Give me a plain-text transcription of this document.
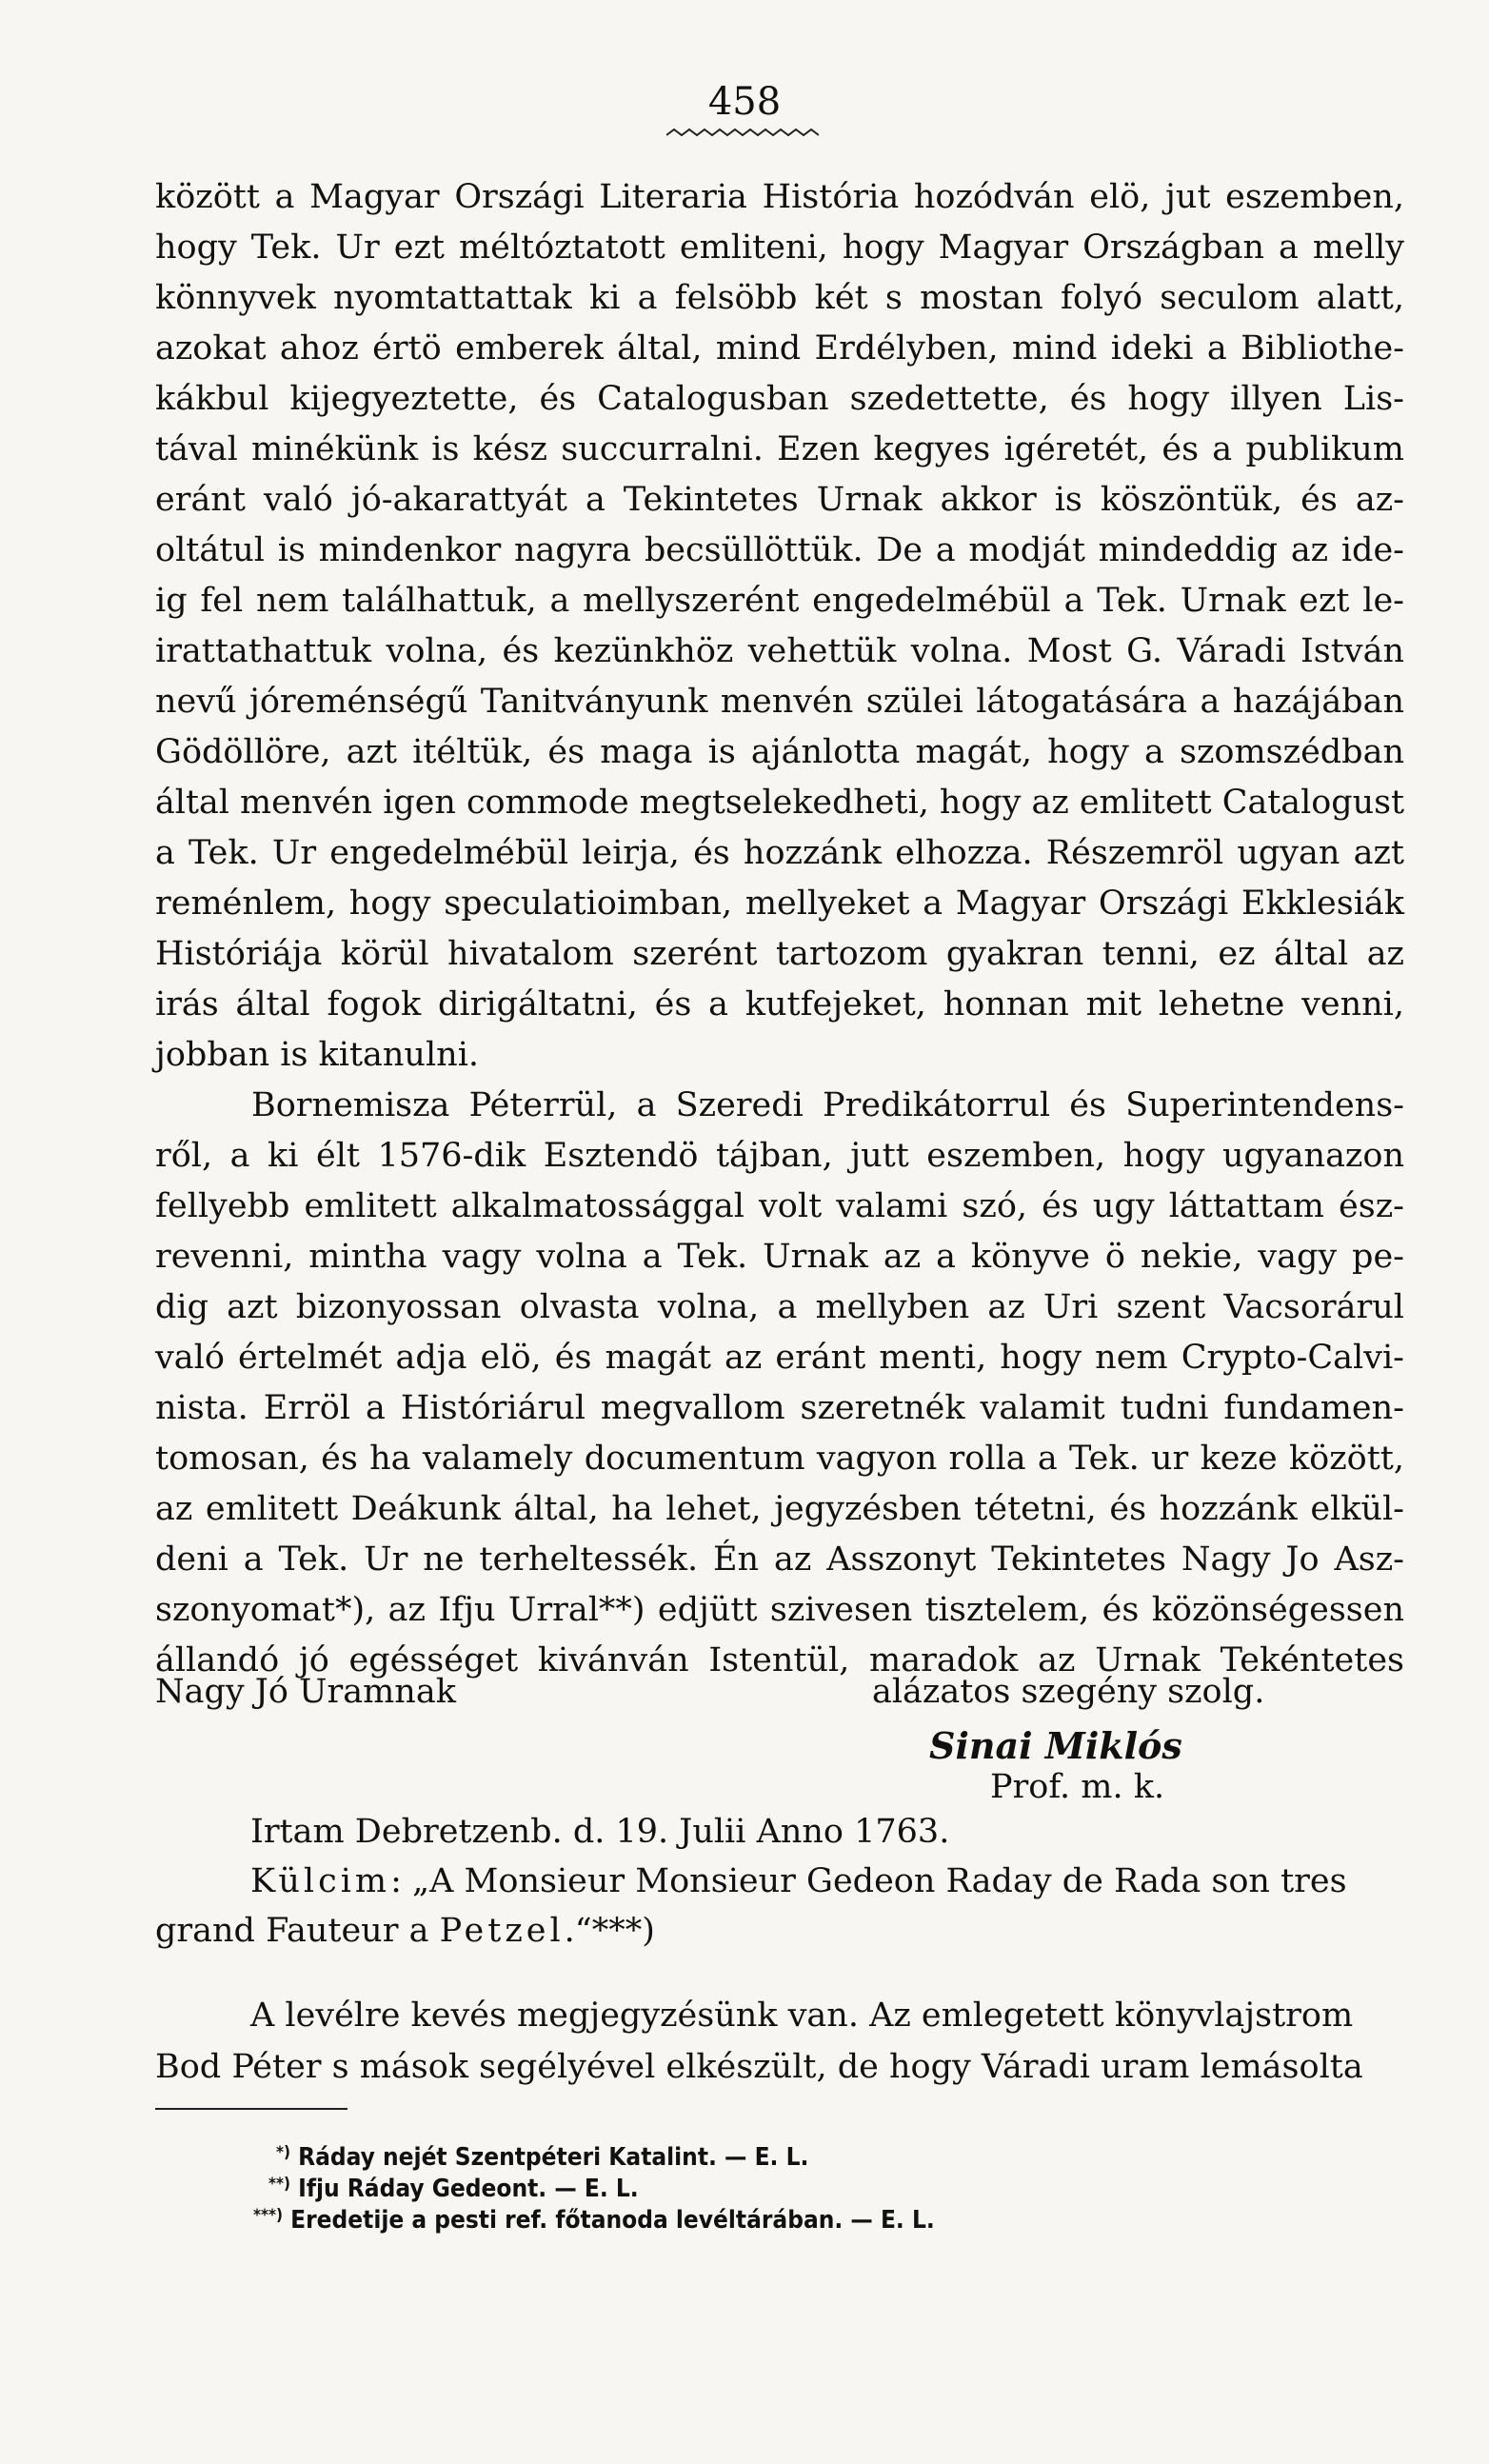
458
között a Magyar Országi Literaria História hozódván elö, jut eszemben,
hogy Tek. Ur ezt méltóztatott emliteni, hogy Magyar Országban a melly
könnyvek nyomtattattak ki a felsöbb két s mostan folyó seculom alatt,
azokat ahoz értö emberek által, mind Erdélyben, mind ideki a Bibliothe-
kákbul kijegyeztette, és Catalogusban szedettette, és hogy illyen Lis-
tával minékünk is kész succurralni. Ezen kegyes igéretét, és a publikum
eránt való jó-akarattyát a Tekintetes Urnak akkor is köszöntük, és az-
oltátul is mindenkor nagyra becsüllöttük. De a modját mindeddig az ide-
ig fel nem találhattuk, a mellyszerént engedelmébül a Tek. Urnak ezt le-
irattathattuk volna, és kezünkhöz vehettük volna. Most G. Váradi István
nevű jóreménségű Tanitványunk menvén szülei látogatására a hazájában
Gödöllöre, azt itéltük, és maga is ajánlotta magát, hogy a szomszédban
által menvén igen commode megtselekedheti, hogy az emlitett Catalogust
a Tek. Ur engedelmébül leirja, és hozzánk elhozza. Részemröl ugyan azt
reménlem, hogy speculatioimban, mellyeket a Magyar Országi Ekklesiák
Históriája körül hivatalom szerént tartozom gyakran tenni, ez által az
irás által fogok dirigáltatni, és a kutfejeket, honnan mit lehetne venni,
jobban is kitanulni.
Bornemisza Péterrül, a Szeredi Predikátorrul és Superintendens-
ről, a ki élt 1576-dik Esztendö tájban, jutt eszemben, hogy ugyanazon
fellyebb emlitett alkalmatossággal volt valami szó, és ugy láttattam ész-
revenni, mintha vagy volna a Tek. Urnak az a könyve ö nekie, vagy pe-
dig azt bizonyossan olvasta volna, a mellyben az Uri szent Vacsorárul
való értelmét adja elö, és magát az eránt menti, hogy nem Crypto-Calvi-
nista. Erröl a Históriárul megvallom szeretnék valamit tudni fundamen-
tomosan, és ha valamely documentum vagyon rolla a Tek. ur keze között,
az emlitett Deákunk által, ha lehet, jegyzésben tétetni, és hozzánk elkül-
deni a Tek. Ur ne terheltessék. Én az Asszonyt Tekintetes Nagy Jo Asz-
szonyomat*), az Ifju Urral**) edjütt szivesen tisztelem, és közönségessen
állandó jó egésséget kivánván Istentül, maradok az Urnak Tekéntetes
Nagy Jó Uramnak	alázatos szegény szolg.
Sinai Miklós
Prof. m. k.
Irtam Debretzenb. d. 19. Julii Anno 1763.
Külcim: „A Monsieur Monsieur Gedeon Raday de Rada son tres
grand Fauteur a Petzel.“***)
A levélre kevés megjegyzésünk van. Az emlegetett könyvlajstrom
Bod Péter s mások segélyével elkészült, de hogy Váradi uram lemásolta
*) Ráday nejét Szentpéteri Katalint. — E. L.
**) Ifju Ráday Gedeont. — E. L.
***) Eredetije a pesti ref. főtanoda levéltárában. — E. L.
